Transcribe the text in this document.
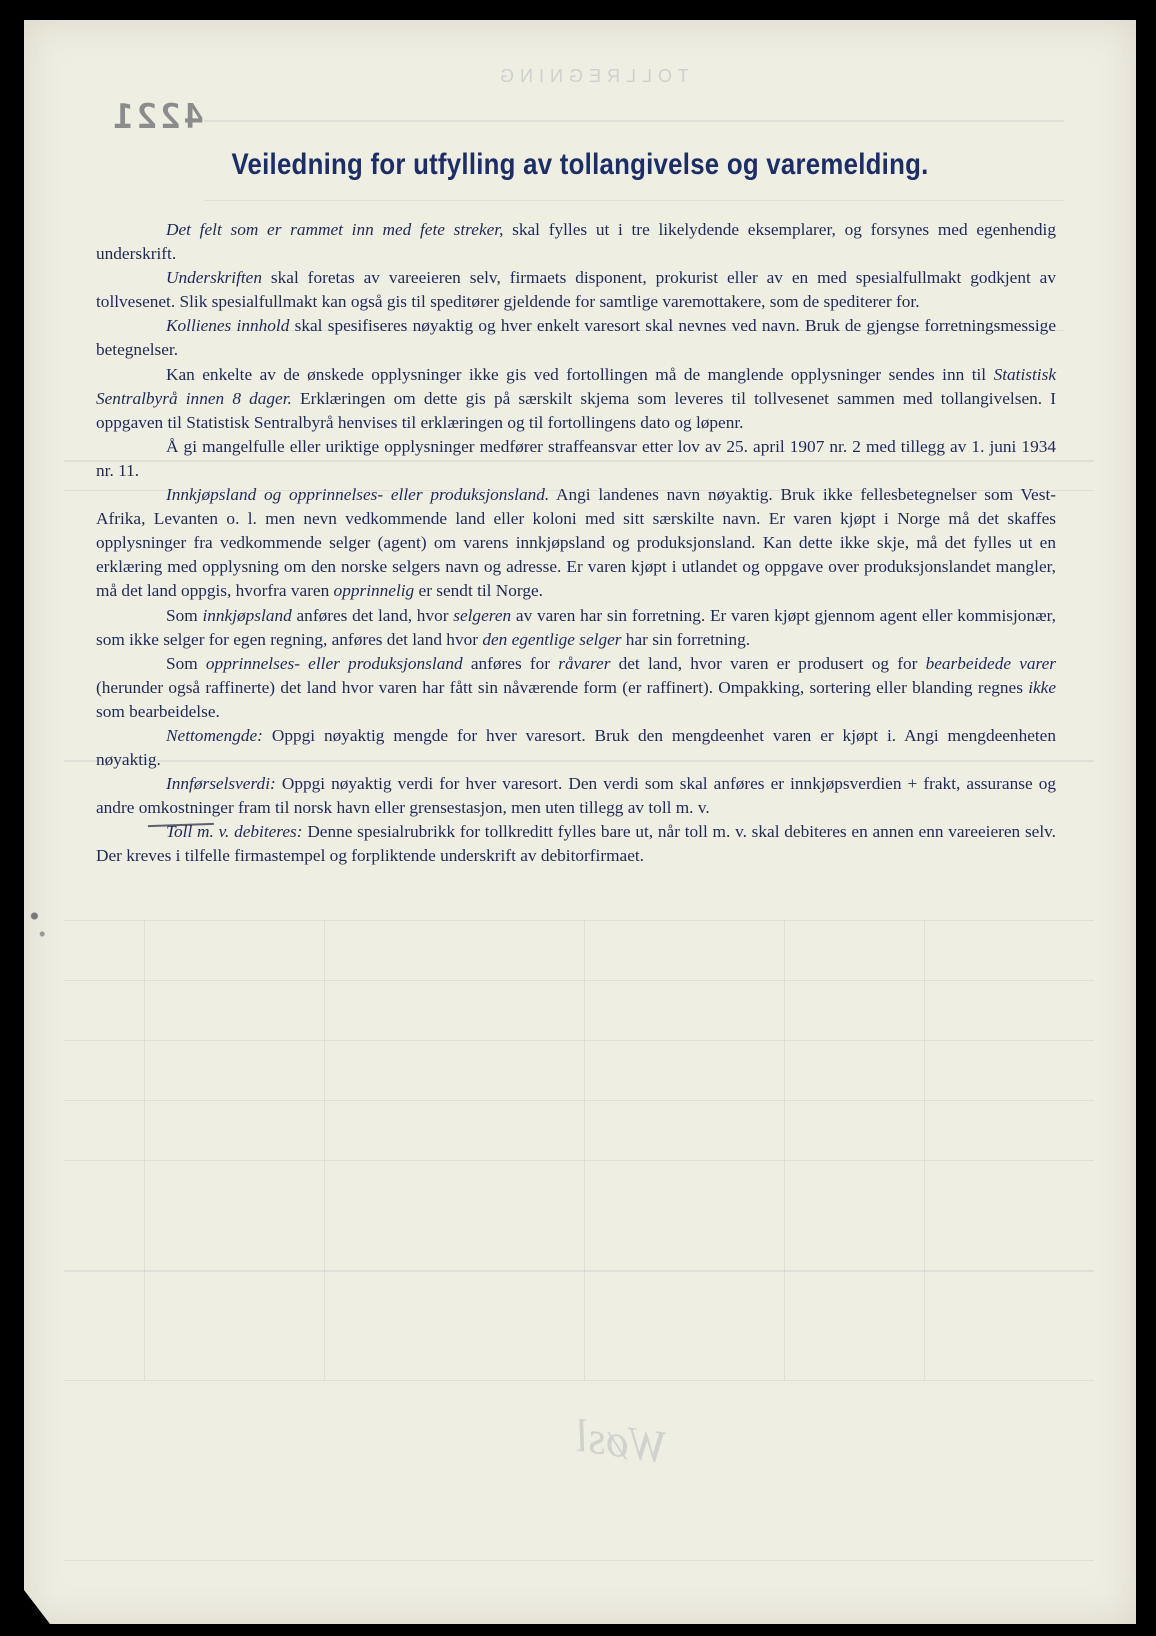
TOLLREGNING
Wøsl
4221
Veiledning for utfylling av tollangivelse og varemelding.

Det felt som er rammet inn med fete streker, skal fylles ut i tre likelydende eksemplarer, og forsynes med egenhendig underskrift.

Underskriften skal foretas av vareeieren selv, firmaets disponent, prokurist eller av en med spesialfullmakt godkjent av tollvesenet. Slik spesialfullmakt kan også gis til speditører gjeldende for samtlige varemottakere, som de spediterer for.

Kollienes innhold skal spesifiseres nøyaktig og hver enkelt varesort skal nevnes ved navn. Bruk de gjengse forretningsmessige betegnelser.

Kan enkelte av de ønskede opplysninger ikke gis ved fortollingen må de manglende opplysninger sendes inn til Statistisk Sentralbyrå innen 8 dager. Erklæringen om dette gis på særskilt skjema som leveres til tollvesenet sammen med tollangivelsen. I oppgaven til Statistisk Sentralbyrå henvises til erklæringen og til fortollingens dato og løpenr.

Å gi mangelfulle eller uriktige opplysninger medfører straffeansvar etter lov av 25. april 1907 nr. 2 med tillegg av 1. juni 1934 nr. 11.

Innkjøpsland og opprinnelses- eller produksjonsland. Angi landenes navn nøyaktig. Bruk ikke fellesbetegnelser som Vest-Afrika, Levanten o. l. men nevn vedkommende land eller koloni med sitt særskilte navn. Er varen kjøpt i Norge må det skaffes opplysninger fra vedkommende selger (agent) om varens innkjøpsland og produksjonsland. Kan dette ikke skje, må det fylles ut en erklæring med opplysning om den norske selgers navn og adresse. Er varen kjøpt i utlandet og oppgave over produksjonslandet mangler, må det land oppgis, hvorfra varen opprinnelig er sendt til Norge.

Som innkjøpsland anføres det land, hvor selgeren av varen har sin forretning. Er varen kjøpt gjennom agent eller kommisjonær, som ikke selger for egen regning, anføres det land hvor den egentlige selger har sin forretning.

Som opprinnelses- eller produksjonsland anføres for råvarer det land, hvor varen er produsert og for bearbeidede varer (herunder også raffinerte) det land hvor varen har fått sin nåværende form (er raffinert). Ompakking, sortering eller blanding regnes ikke som bearbeidelse.

Nettomengde: Oppgi nøyaktig mengde for hver varesort. Bruk den mengdeenhet varen er kjøpt i. Angi mengdeenheten nøyaktig.

Innførselsverdi: Oppgi nøyaktig verdi for hver varesort. Den verdi som skal anføres er innkjøpsverdien + frakt, assuranse og andre omkostninger fram til norsk havn eller grensestasjon, men uten tillegg av toll m. v.

Toll m. v. debiteres: Denne spesialrubrikk for tollkreditt fylles bare ut, når toll m. v. skal debiteres en annen enn vareeieren selv. Der kreves i tilfelle firmastempel og forpliktende underskrift av debitorfirmaet.
